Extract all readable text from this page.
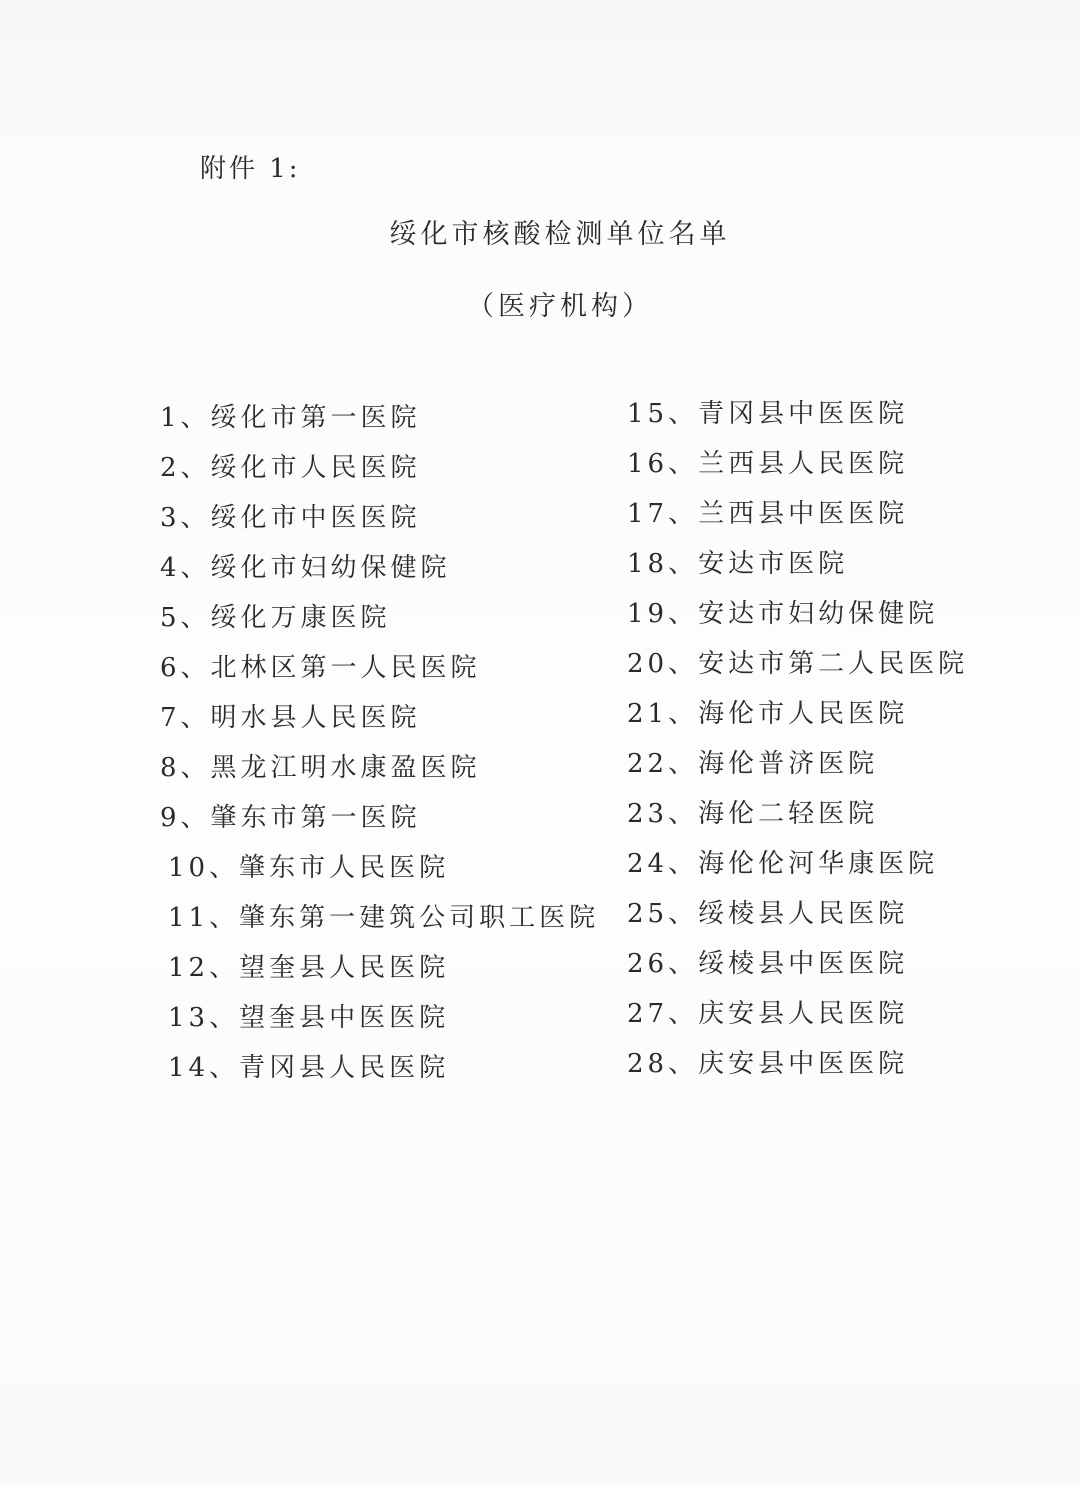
附件 1:
绥化市核酸检测单位名单
（医疗机构）
1、绥化市第一医院
2、绥化市人民医院
3、绥化市中医医院
4、绥化市妇幼保健院
5、绥化万康医院
6、北林区第一人民医院
7、明水县人民医院
8、黑龙江明水康盈医院
9、肇东市第一医院
10、肇东市人民医院
11、肇东第一建筑公司职工医院
12、望奎县人民医院
13、望奎县中医医院
14、青冈县人民医院
15、青冈县中医医院
16、兰西县人民医院
17、兰西县中医医院
18、安达市医院
19、安达市妇幼保健院
20、安达市第二人民医院
21、海伦市人民医院
22、海伦普济医院
23、海伦二轻医院
24、海伦伦河华康医院
25、绥棱县人民医院
26、绥棱县中医医院
27、庆安县人民医院
28、庆安县中医医院
